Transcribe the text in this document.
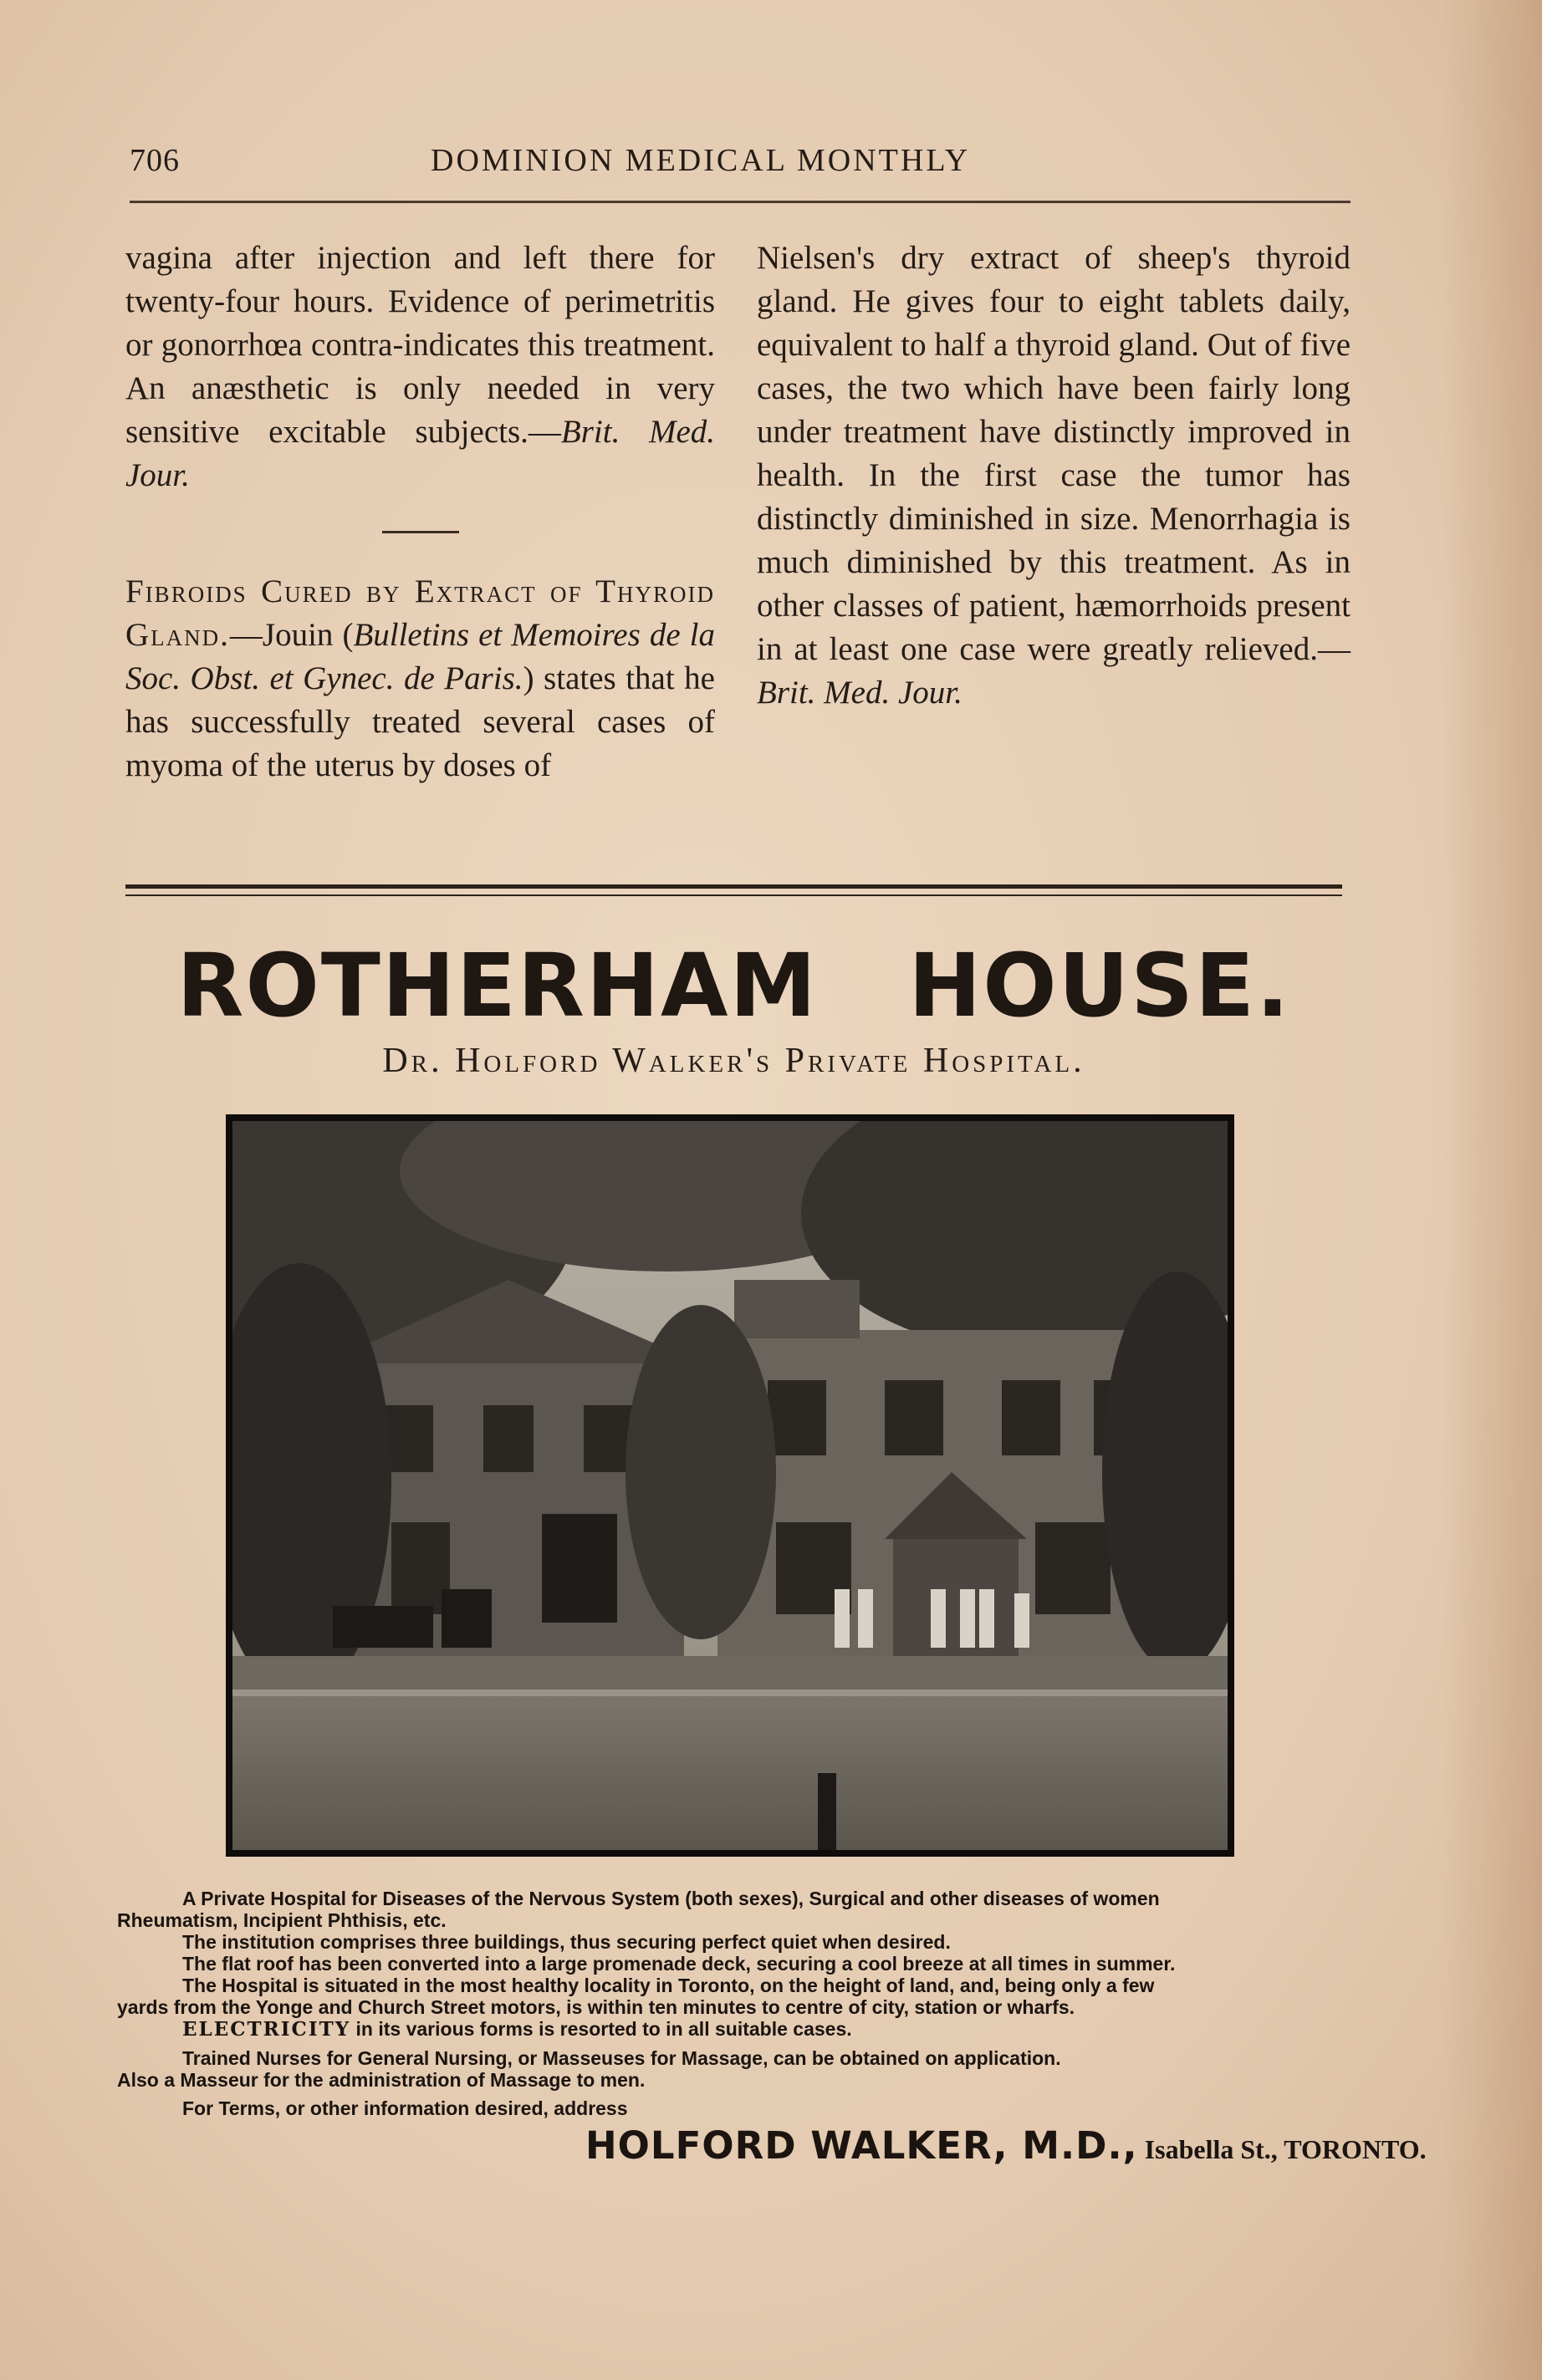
706	DOMINION MEDICAL MONTHLY

vagina after injection and left there for twenty-four hours. Evidence of perimetritis or gonorrhœa contra-indicates this treatment. An anæsthetic is only needed in very sensitive excitable subjects.—Brit. Med. Jour.

Fibroids Cured by Extract of Thyroid Gland.—Jouin (Bulletins et Memoires de la Soc. Obst. et Gynec. de Paris.) states that he has successfully treated several cases of myoma of the uterus by doses of

Nielsen's dry extract of sheep's thyroid gland. He gives four to eight tablets daily, equivalent to half a thyroid gland. Out of five cases, the two which have been fairly long under treatment have distinctly improved in health. In the first case the tumor has distinctly diminished in size. Menorrhagia is much diminished by this treatment. As in other classes of patient, hæmorrhoids present in at least one case were greatly relieved.—Brit. Med. Jour.

ROTHERHAM HOUSE.
Dr. Holford Walker's Private Hospital.

A Private Hospital for Diseases of the Nervous System (both sexes), Surgical and other diseases of women

Rheumatism, Incipient Phthisis, etc.

The institution comprises three buildings, thus securing perfect quiet when desired.

The flat roof has been converted into a large promenade deck, securing a cool breeze at all times in summer.

The Hospital is situated in the most healthy locality in Toronto, on the height of land, and, being only a few

yards from the Yonge and Church Street motors, is within ten minutes to centre of city, station or wharfs.

ELECTRICITY in its various forms is resorted to in all suitable cases.

Trained Nurses for General Nursing, or Masseuses for Massage, can be obtained on application.

Also a Masseur for the administration of Massage to men.

For Terms, or other information desired, address

HOLFORD WALKER, M.D., Isabella St., TORONTO.
